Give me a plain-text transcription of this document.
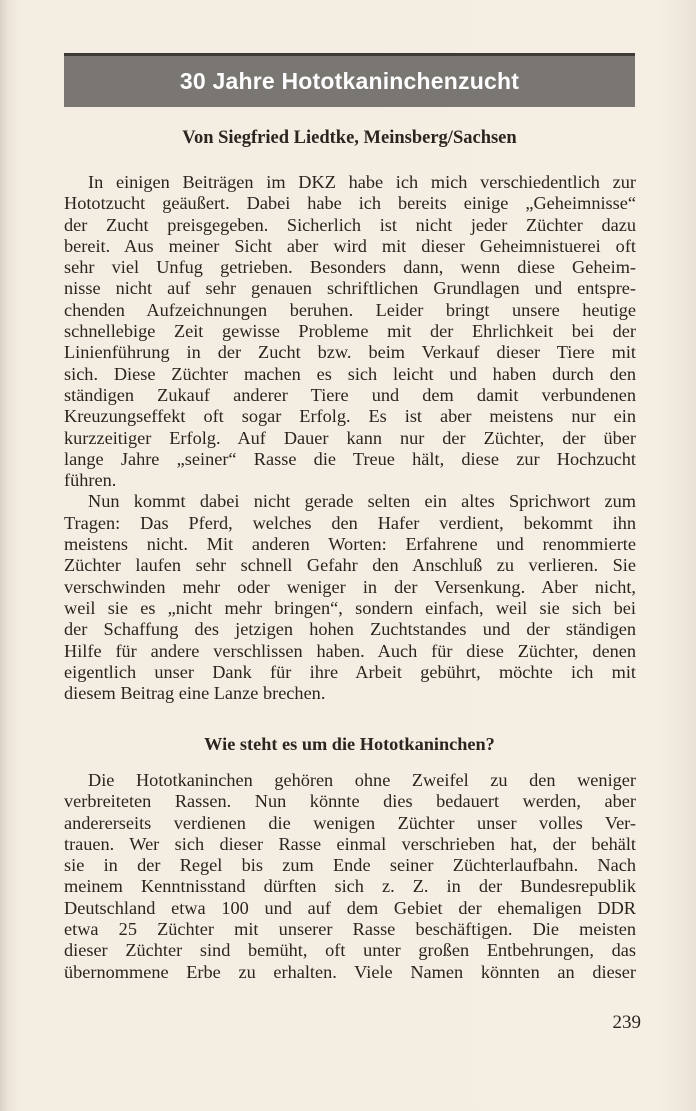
30 Jahre Hototkaninchenzucht
Von Siegfried Liedtke, Meinsberg/Sachsen

In einigen Beiträgen im DKZ habe ich mich verschiedentlich zur
Hototzucht geäußert. Dabei habe ich bereits einige „Geheimnisse“
der Zucht preisgegeben. Sicherlich ist nicht jeder Züchter dazu
bereit. Aus meiner Sicht aber wird mit dieser Geheimnistuerei oft
sehr viel Unfug getrieben. Besonders dann, wenn diese Geheim-
nisse nicht auf sehr genauen schriftlichen Grundlagen und entspre-
chenden Aufzeichnungen beruhen. Leider bringt unsere heutige
schnellebige Zeit gewisse Probleme mit der Ehrlichkeit bei der
Linienführung in der Zucht bzw. beim Verkauf dieser Tiere mit
sich. Diese Züchter machen es sich leicht und haben durch den
ständigen Zukauf anderer Tiere und dem damit verbundenen
Kreuzungseffekt oft sogar Erfolg. Es ist aber meistens nur ein
kurzzeitiger Erfolg. Auf Dauer kann nur der Züchter, der über
lange Jahre „seiner“ Rasse die Treue hält, diese zur Hochzucht
führen.

Nun kommt dabei nicht gerade selten ein altes Sprichwort zum
Tragen: Das Pferd, welches den Hafer verdient, bekommt ihn
meistens nicht. Mit anderen Worten: Erfahrene und renommierte
Züchter laufen sehr schnell Gefahr den Anschluß zu verlieren. Sie
verschwinden mehr oder weniger in der Versenkung. Aber nicht,
weil sie es „nicht mehr bringen“, sondern einfach, weil sie sich bei
der Schaffung des jetzigen hohen Zuchtstandes und der ständigen
Hilfe für andere verschlissen haben. Auch für diese Züchter, denen
eigentlich unser Dank für ihre Arbeit gebührt, möchte ich mit
diesem Beitrag eine Lanze brechen.

Wie steht es um die Hototkaninchen?

Die Hototkaninchen gehören ohne Zweifel zu den weniger
verbreiteten Rassen. Nun könnte dies bedauert werden, aber
andererseits verdienen die wenigen Züchter unser volles Ver-
trauen. Wer sich dieser Rasse einmal verschrieben hat, der behält
sie in der Regel bis zum Ende seiner Züchterlaufbahn. Nach
meinem Kenntnisstand dürften sich z. Z. in der Bundesrepublik
Deutschland etwa 100 und auf dem Gebiet der ehemaligen DDR
etwa 25 Züchter mit unserer Rasse beschäftigen. Die meisten
dieser Züchter sind bemüht, oft unter großen Entbehrungen, das
übernommene Erbe zu erhalten. Viele Namen könnten an dieser

239
